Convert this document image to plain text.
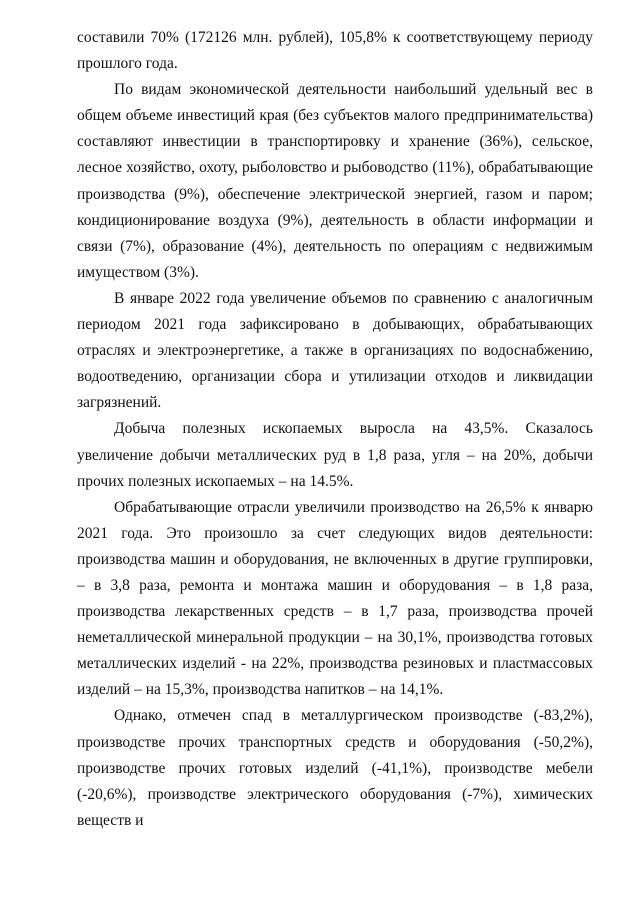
составили 70% (172126 млн. рублей), 105,8% к соответствующему периоду прошлого года.

По видам экономической деятельности наибольший удельный вес в общем объеме инвестиций края (без субъектов малого предпринимательства) составляют инвестиции в транспортировку и хранение (36%), сельское, лесное хозяйство, охоту, рыболовство и рыбоводство (11%), обрабатывающие производства (9%), обеспечение электрической энергией, газом и паром; кондиционирование воздуха (9%), деятельность в области информации и связи (7%), образование (4%), деятельность по операциям с недвижимым имуществом (3%).

В январе 2022 года увеличение объемов по сравнению с аналогичным периодом 2021 года зафиксировано в добывающих, обрабатывающих отраслях и электроэнергетике, а также в организациях по водоснабжению, водоотведению, организации сбора и утилизации отходов и ликвидации загрязнений.

Добыча полезных ископаемых выросла на 43,5%. Сказалось увеличение добычи металлических руд в 1,8 раза, угля – на 20%, добычи прочих полезных ископаемых – на 14.5%.

Обрабатывающие отрасли увеличили производство на 26,5% к январю 2021 года. Это произошло за счет следующих видов деятельности: производства машин и оборудования, не включенных в другие группировки, – в 3,8 раза, ремонта и монтажа машин и оборудования – в 1,8 раза, производства лекарственных средств – в 1,7 раза, производства прочей неметаллической минеральной продукции – на 30,1%, производства готовых металлических изделий - на 22%, производства резиновых и пластмассовых изделий – на 15,3%, производства напитков – на 14,1%.

Однако, отмечен спад в металлургическом производстве (-83,2%), производстве прочих транспортных средств и оборудования (-50,2%), производстве прочих готовых изделий (-41,1%), производстве мебели (-20,6%), производстве электрического оборудования (-7%), химических веществ и
